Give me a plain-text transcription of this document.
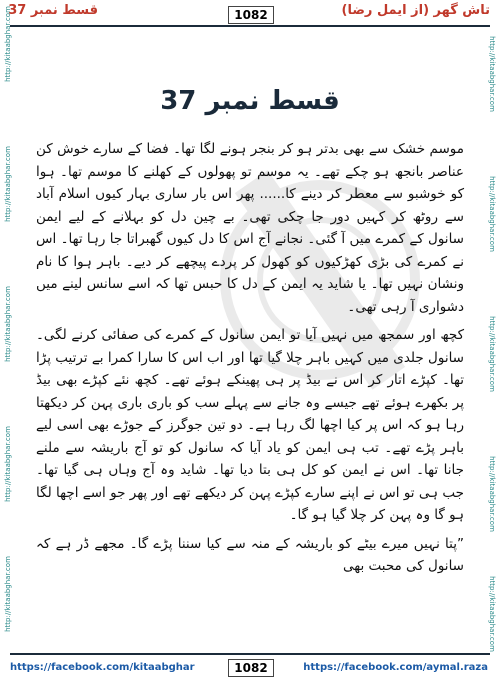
تاش گھر (از ایمل رضا)
1082
قسط نمبر 37
http://kitaabghar.com
http://kitaabghar.com
http://kitaabghar.com
http://kitaabghar.com
http://kitaabghar.com
http://kitaabghar.com
http://kitaabghar.com
http://kitaabghar.com
http://kitaabghar.com
http://kitaabghar.com
قسط نمبر 37

موسم خشک سے بھی بدتر ہو کر بنجر ہونے لگا تھا۔ فضا کے سارے خوش کن عناصر بانجھ ہو چکے تھے۔ یہ موسم تو پھولوں کے کھلنے کا موسم تھا۔ ہوا کو خوشبو سے معطر کر دینے کا...... پھر اس بار ساری بہار کیوں اسلام آباد سے روٹھ کر کہیں دور جا چکی تھی۔ بے چین دل کو بہلانے کے لیے ایمن سانول کے کمرے میں آ گئی۔ نجانے آج اس کا دل کیوں گھبراتا جا رہا تھا۔ اس نے کمرے کی بڑی کھڑکیوں کو کھول کر پردے پیچھے کر دیے۔ باہر ہوا کا نام ونشان نہیں تھا۔ یا شاید یہ ایمن کے دل کا حبس تھا کہ اسے سانس لینے میں دشواری آ رہی تھی۔

کچھ اور سمجھ میں نہیں آیا تو ایمن سانول کے کمرے کی صفائی کرنے لگی۔ سانول جلدی میں کہیں باہر چلا گیا تھا اور اب اس کا سارا کمرا بے ترتیب پڑا تھا۔ کپڑے اتار کر اس نے بیڈ پر ہی پھینکے ہوئے تھے۔ کچھ نئے کپڑے بھی بیڈ پر بکھرے ہوئے تھے جیسے وہ جانے سے پہلے سب کو باری باری پہن کر دیکھتا رہا ہو کہ اس پر کیا اچھا لگ رہا ہے۔ دو تین جوگرز کے جوڑے بھی اسی لیے باہر پڑے تھے۔ تب ہی ایمن کو یاد آیا کہ سانول کو تو آج باریشہ سے ملنے جانا تھا۔ اس نے ایمن کو کل ہی بتا دیا تھا۔ شاید وہ آج وہاں ہی گیا تھا۔ جب ہی تو اس نے اپنے سارے کپڑے پہن کر دیکھے تھے اور پھر جو اسے اچھا لگا ہو گا وہ پہن کر چلا گیا ہو گا۔

”پتا نہیں میرے بیٹے کو باریشہ کے منہ سے کیا سننا پڑے گا۔ مجھے ڈر ہے کہ سانول کی محبت بھی

https://facebook.com/kitaabghar	1082	https://facebook.com/aymal.raza
